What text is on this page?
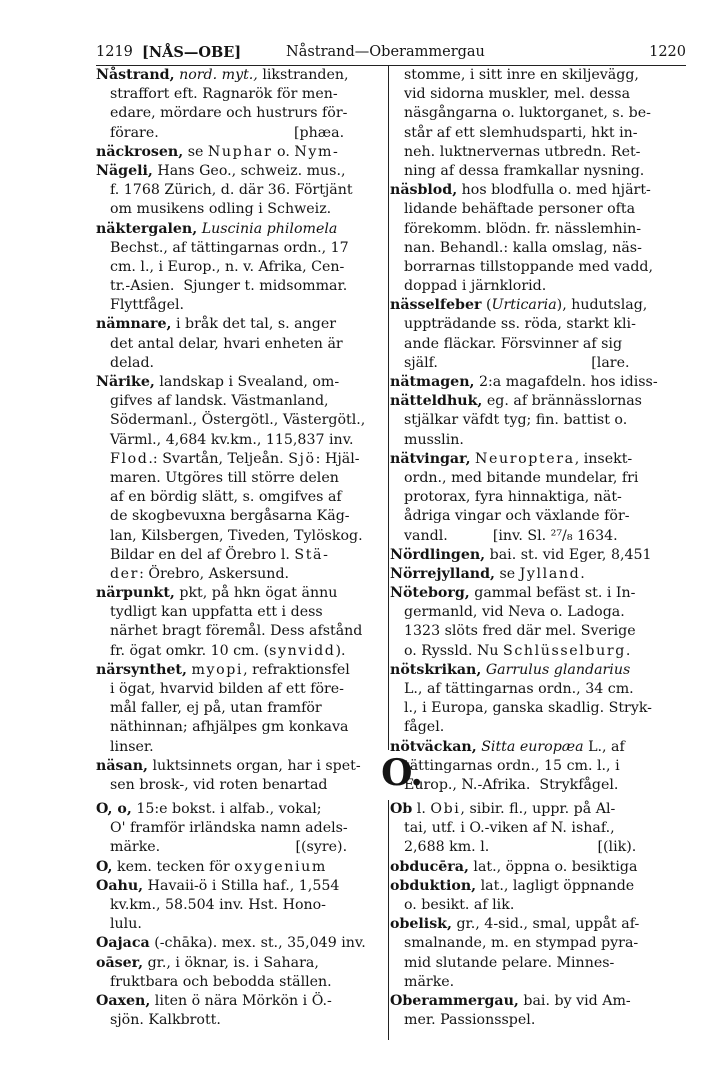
1219 [NÅS—OBE]	Nåstrand—Oberammergau	1220
Nåstrand, nord. myt., likstranden,
straffort eft. Ragnarök för men-
edare, mördare och hustrurs för-
förare.                              [phæa.
näckrosen, se Nuphar o. Nym-
Nägeli, Hans Geo., schweiz. mus.,
f. 1768 Zürich, d. där 36. Förtjänt
om musikens odling i Schweiz.
näktergalen, Luscinia philomela
Bechst., af tättingarnas ordn., 17
cm. l., i Europ., n. v. Afrika, Cen-
tr.-Asien.  Sjunger t. midsommar.
Flyttfågel.
nämnare, i bråk det tal, s. anger
det antal delar, hvari enheten är
delad.
Närike, landskap i Svealand, om-
gifves af landsk. Västmanland,
Södermanl., Östergötl., Västergötl.,
Värml., 4,684 kv.km., 115,837 inv.
Flod.: Svartån, Teljeån. Sjö: Hjäl-
maren. Utgöres till större delen
af en bördig slätt, s. omgifves af
de skogbevuxna bergåsarna Käg-
lan, Kilsbergen, Tiveden, Tylöskog.
Bildar en del af Örebro l. Stä-
der: Örebro, Askersund.
närpunkt, pkt, på hkn ögat ännu
tydligt kan uppfatta ett i dess
närhet bragt föremål. Dess afstånd
fr. ögat omkr. 10 cm. (synvidd).
närsynthet, myopi, refraktionsfel
i ögat, hvarvid bilden af ett före-
mål faller, ej på, utan framför
näthinnan; afhjälpes gm konkava
linser.
näsan, luktsinnets organ, har i spet-
sen brosk-, vid roten benartad
stomme, i sitt inre en skiljevägg,
vid sidorna muskler, mel. dessa
näsgångarna o. luktorganet, s. be-
står af ett slemhudsparti, hkt in-
neh. luktnervernas utbredn. Ret-
ning af dessa framkallar nysning.
näsblod, hos blodfulla o. med hjärt-
lidande behäftade personer ofta
förekomm. blödn. fr. nässlemhin-
nan. Behandl.: kalla omslag, näs-
borrarnas tillstoppande med vadd,
doppad i järnklorid.
nässelfeber (Urticaria), hudutslag,
uppträdande ss. röda, starkt kli-
ande fläckar. Försvinner af sig
själf.                                  [lare.
nätmagen, 2:a magafdeln. hos idiss-
nätteldhuk, eg. af brännässlornas
stjälkar väfdt tyg; fin. battist o.
musslin.
nätvingar, Neuroptera, insekt-
ordn., med bitande mundelar, fri
protorax, fyra hinnaktiga, nät-
ådriga vingar och växlande för-
vandl.          [inv. Sl. ²⁷/₈ 1634.
Nördlingen, bai. st. vid Eger, 8,451
Nörrejylland, se Jylland.
Nöteborg, gammal befäst st. i In-
germanld, vid Neva o. Ladoga.
1323 slöts fred där mel. Sverige
o. Ryssld. Nu Schlüsselburg.
nötskrikan, Garrulus glandarius
L., af tättingarnas ordn., 34 cm.
l., i Europa, ganska skadlig. Stryk-
fågel.
nötväckan, Sitta europæa L., af
tättingarnas ordn., 15 cm. l., i
Europ., N.-Afrika.  Strykfågel.
O.
O, o, 15:e bokst. i alfab., vokal;
O' framför irländska namn adels-
märke.                              [(syre).
O, kem. tecken för oxygenium
Oahu, Havaii-ö i Stilla haf., 1,554
kv.km., 58.504 inv. Hst. Hono-
lulu.
Oajaca (-chāka). mex. st., 35,049 inv.
oāser, gr., i öknar, is. i Sahara,
fruktbara och bebodda ställen.
Oaxen, liten ö nära Mörkön i Ö.-
sjön. Kalkbrott.
Ob l. Obi, sibir. fl., uppr. på Al-
tai, utf. i O.-viken af N. ishaf.,
2,688 km. l.                        [(lik).
obducēra, lat., öppna o. besiktiga
obduktion, lat., lagligt öppnande
o. besikt. af lik.
obelisk, gr., 4-sid., smal, uppåt af-
smalnande, m. en stympad pyra-
mid slutande pelare. Minnes-
märke.
Oberammergau, bai. by vid Am-
mer. Passionsspel.
